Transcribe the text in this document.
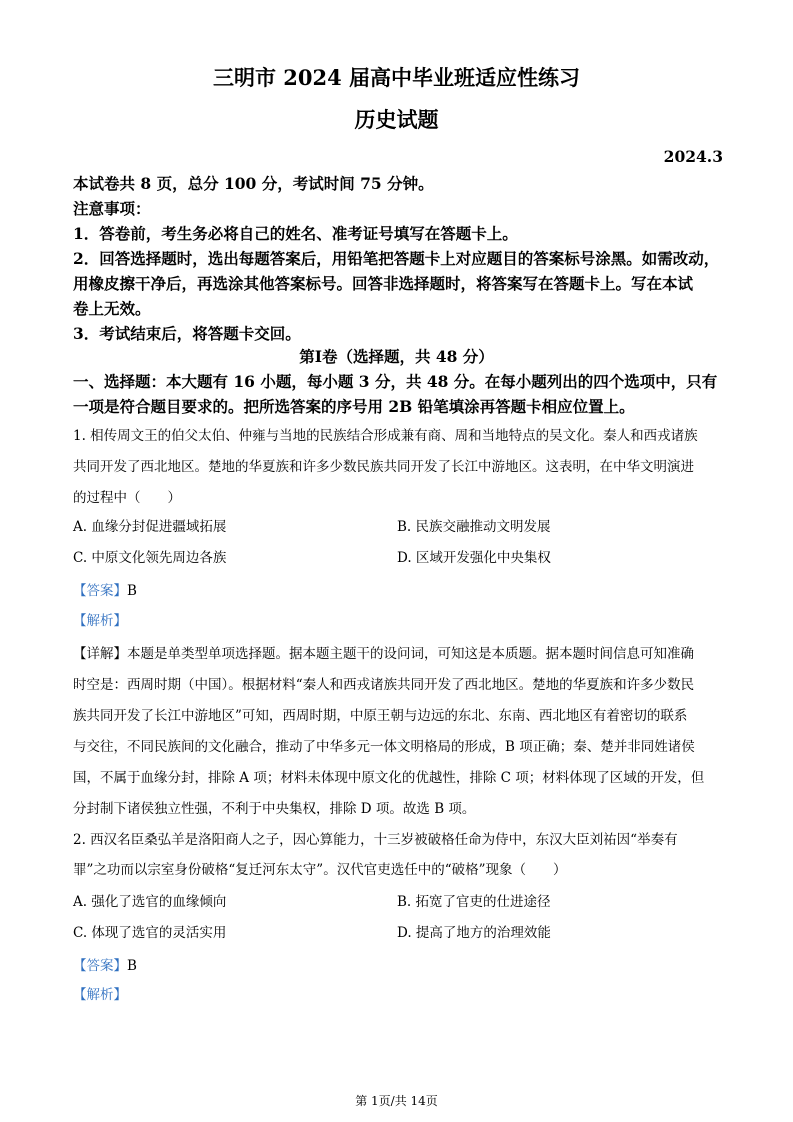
三明市 2024 届高中毕业班适应性练习
历史试题
2024.3
本试卷共 8 页，总分 100 分，考试时间 75 分钟。
注意事项：
1．答卷前，考生务必将自己的姓名、准考证号填写在答题卡上。
2．回答选择题时，选出每题答案后，用铅笔把答题卡上对应题目的答案标号涂黑。如需改动，
用橡皮擦干净后，再选涂其他答案标号。回答非选择题时，将答案写在答题卡上。写在本试
卷上无效。
3．考试结束后，将答题卡交回。
第Ⅰ卷（选择题，共 48 分）
一、选择题：本大题有 16 小题，每小题 3 分，共 48 分。在每小题列出的四个选项中，只有
一项是符合题目要求的。把所选答案的序号用 2B 铅笔填涂再答题卡相应位置上。
1. 相传周文王的伯父太伯、仲雍与当地的民族结合形成兼有商、周和当地特点的吴文化。秦人和西戎诸族
共同开发了西北地区。楚地的华夏族和许多少数民族共同开发了长江中游地区。这表明，在中华文明演进
的过程中（　　）
A. 血缘分封促进疆域拓展	B. 民族交融推动文明发展
C. 中原文化领先周边各族	D. 区域开发强化中央集权
【答案】B
【解析】
【详解】本题是单类型单项选择题。据本题主题干的设问词，可知这是本质题。据本题时间信息可知准确
时空是：西周时期（中国）。根据材料“秦人和西戎诸族共同开发了西北地区。楚地的华夏族和许多少数民
族共同开发了长江中游地区”可知，西周时期，中原王朝与边远的东北、东南、西北地区有着密切的联系
与交往，不同民族间的文化融合，推动了中华多元一体文明格局的形成，B 项正确；秦、楚并非同姓诸侯
国，不属于血缘分封，排除 A 项；材料未体现中原文化的优越性，排除 C 项；材料体现了区域的开发，但
分封制下诸侯独立性强，不利于中央集权，排除 D 项。故选 B 项。
2. 西汉名臣桑弘羊是洛阳商人之子，因心算能力，十三岁被破格任命为侍中，东汉大臣刘祐因“举奏有
罪”之功而以宗室身份破格“复迁河东太守”。汉代官吏选任中的“破格”现象（　　）
A. 强化了选官的血缘倾向	B. 拓宽了官吏的仕进途径
C. 体现了选官的灵活实用	D. 提高了地方的治理效能
【答案】B
【解析】
第 1页/共 14页
